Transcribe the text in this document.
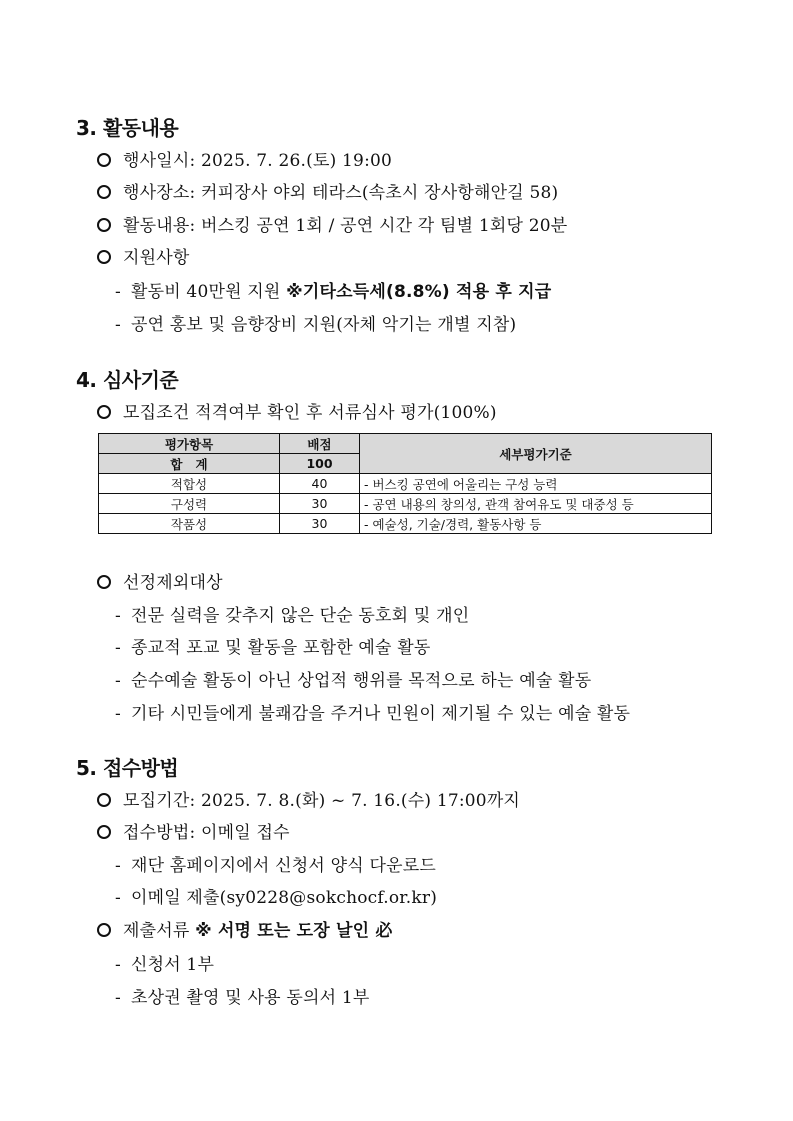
3. 활동내용
행사일시: 2025. 7. 26.(토) 19:00
행사장소: 커피장사 야외 테라스(속초시 장사항해안길 58)
활동내용: 버스킹 공연 1회 / 공연 시간 각 팀별 1회당 20분
지원사항
- 활동비 40만원 지원 ※기타소득세(8.8%) 적용 후 지급
- 공연 홍보 및 음향장비 지원(자체 악기는 개별 지참)
4. 심사기준
모집조건 적격여부 확인 후 서류심사 평가(100%)
평가항목	배점	세부평가기준
합   계	100	
적합성	40	- 버스킹 공연에 어울리는 구성 능력
구성력	30	- 공연 내용의 창의성, 관객 참여유도 및 대중성 등
작품성	30	- 예술성, 기술/경력, 활동사항 등
선정제외대상
- 전문 실력을 갖추지 않은 단순 동호회 및 개인
- 종교적 포교 및 활동을 포함한 예술 활동
- 순수예술 활동이 아닌 상업적 행위를 목적으로 하는 예술 활동
- 기타 시민들에게 불쾌감을 주거나 민원이 제기될 수 있는 예술 활동
5. 접수방법
모집기간: 2025. 7. 8.(화) ~ 7. 16.(수) 17:00까지
접수방법: 이메일 접수
- 재단 홈페이지에서 신청서 양식 다운로드
- 이메일 제출(sy0228@sokchocf.or.kr)
제출서류 ※ 서명 또는 도장 날인 必
- 신청서 1부
- 초상권 촬영 및 사용 동의서 1부
